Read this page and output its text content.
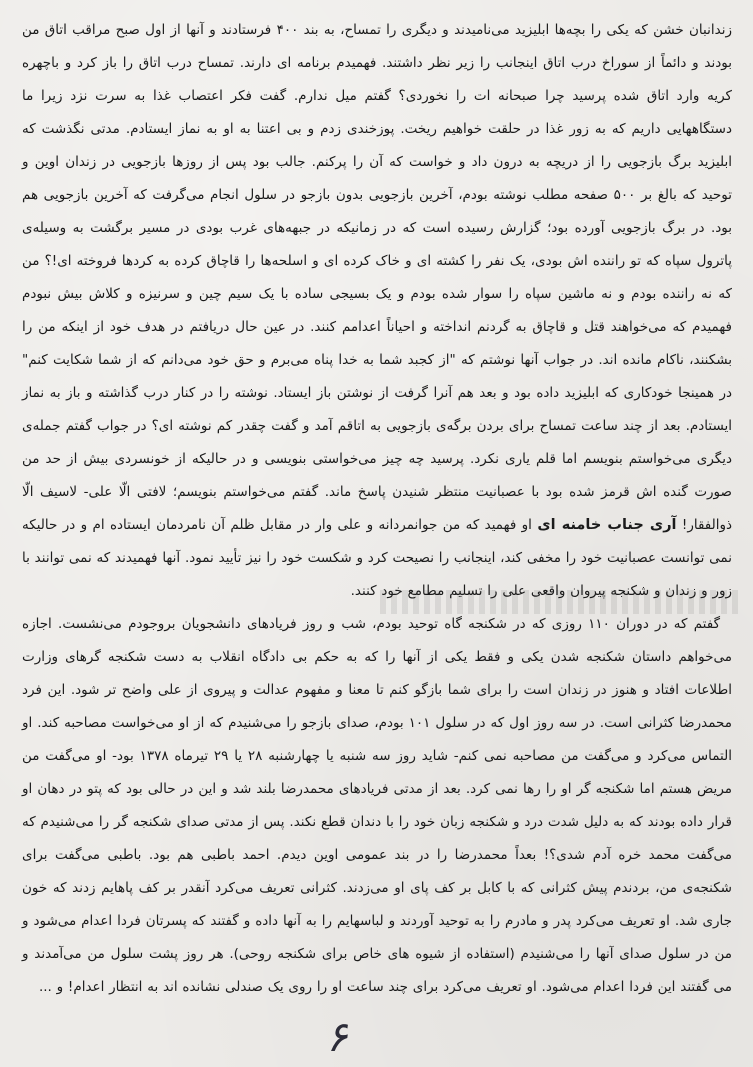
زندانبان خشن که یکی را بچه‌ها ابلیزید می‌نامیدند و دیگری را تمساح، به بند ۴۰۰ فرستادند و آنها از اول صبح مراقب اتاق من بودند و دائماً از سوراخ درب اتاق اینجانب را زیر نظر داشتند. فهمیدم برنامه ای دارند. تمساح درب اتاق را باز کرد و باچهره کریه وارد اتاق شده پرسید چرا صبحانه ات را نخوردی؟ گفتم میل ندارم. گفت فکر اعتصاب غذا به سرت نزد زیرا ما دستگاههایی داریم که به زور غذا در حلقت خواهیم ریخت. پوزخندی زدم و بی اعتنا به او به نماز ایستادم. مدتی نگذشت که ابلیزید برگ بازجویی را از دریچه به درون داد و خواست که آن را پرکنم. جالب بود پس از روزها بازجویی در زندان اوین و توحید که بالغ بر ۵۰۰ صفحه مطلب نوشته بودم، آخرین بازجویی بدون بازجو در سلول انجام می‌گرفت که آخرین بازجویی هم بود. در برگ بازجویی آورده بود؛ گزارش رسیده است که در زمانیکه در جبهه‌های غرب بودی در مسیر برگشت به وسیله‌ی پاترول سپاه که تو راننده اش بودی، یک نفر را کشته ای و خاک کرده ای و اسلحه‌ها را قاچاق کرده به کردها فروخته ای!؟ من که نه راننده بودم و نه ماشین سپاه را سوار شده بودم و یک بسیجی ساده با یک سیم چین و سرنیزه و کلاش بیش نبودم فهمیدم که می‌خواهند قتل و قاچاق به گردنم انداخته و احیاناً اعدامم کنند. در عین حال دریافتم در هدف خود از اینکه من را بشکنند، ناکام مانده اند. در جواب آنها نوشتم که "از کجبد شما به خدا پناه می‌برم و حق خود می‌دانم که از شما شکایت کنم" در همینجا خودکاری که ابلیزید داده بود و بعد هم آنرا گرفت از نوشتن باز ایستاد. نوشته را در کنار درب گذاشته و باز به نماز ایستادم. بعد از چند ساعت تمساح برای بردن برگه‌ی بازجویی به اتاقم آمد و گفت چقدر کم نوشته ای؟ در جواب گفتم جمله‌ی دیگری می‌خواستم بنویسم اما قلم یاری نکرد. پرسید چه چیز می‌خواستی بنویسی و در حالیکه از خونسردی بیش از حد من صورت گنده اش قرمز شده بود با عصبانیت منتظر شنیدن پاسخ ماند. گفتم می‌خواستم بنویسم؛ لافتی الّا علی- لاسیف الّا ذوالفقار! آری جناب خامنه ای او فهمید که من جوانمردانه و علی وار در مقابل ظلم آن نامردمان ایستاده ام و در حالیکه نمی توانست عصبانیت خود را مخفی کند، اینجانب را نصیحت کرد و شکست خود را نیز تأیید نمود. آنها فهمیدند که نمی توانند با زور و زندان و شکنجه پیروان واقعی علی را تسلیم مطامع خود کنند.

گفتم که در دوران ۱۱۰ روزی که در شکنجه گاه توحید بودم، شب و روز فریادهای دانشجویان بروجودم می‌نشست. اجازه می‌خواهم داستان شکنجه شدن یکی و فقط یکی از آنها را که به حکم بی دادگاه انقلاب به دست شکنجه گرهای وزارت اطلاعات افتاد و هنوز در زندان است را برای شما بازگو کنم تا معنا و مفهوم عدالت و پیروی از علی واضح تر شود. این فرد محمدرضا کثرانی است. در سه روز اول که در سلول ۱۰۱ بودم، صدای بازجو را می‌شنیدم که از او می‌خواست مصاحبه کند. او التماس می‌کرد و می‌گفت من مصاحبه نمی کنم- شاید روز سه شنبه یا چهارشنبه ۲۸ یا ۲۹ تیرماه ۱۳۷۸ بود- او می‌گفت من مریض هستم اما شکنجه گر او را رها نمی کرد. بعد از مدتی فریادهای محمدرضا بلند شد و این در حالی بود که پتو در دهان او قرار داده بودند که به دلیل شدت درد و شکنجه زبان خود را با دندان قطع نکند. پس از مدتی صدای شکنجه گر را می‌شنیدم که می‌گفت محمد خره آدم شدی؟! بعداً محمدرضا را در بند عمومی اوین دیدم. احمد باطبی هم بود. باطبی می‌گفت برای شکنجه‌ی من، بردندم پیش کثرانی که با کابل بر کف پای او می‌زدند. کثرانی تعریف می‌کرد آنقدر بر کف پاهایم زدند که خون جاری شد. او تعریف می‌کرد پدر و مادرم را به توحید آوردند و لباسهایم را به آنها داده و گفتند که پسرتان فردا اعدام می‌شود و من در سلول صدای آنها را می‌شنیدم (استفاده از شیوه های خاص برای شکنجه روحی). هر روز پشت سلول من می‌آمدند و می گفتند این فردا اعدام می‌شود. او تعریف می‌کرد برای چند ساعت او را روی یک صندلی نشانده اند به انتظار اعدام! و ...

۶
